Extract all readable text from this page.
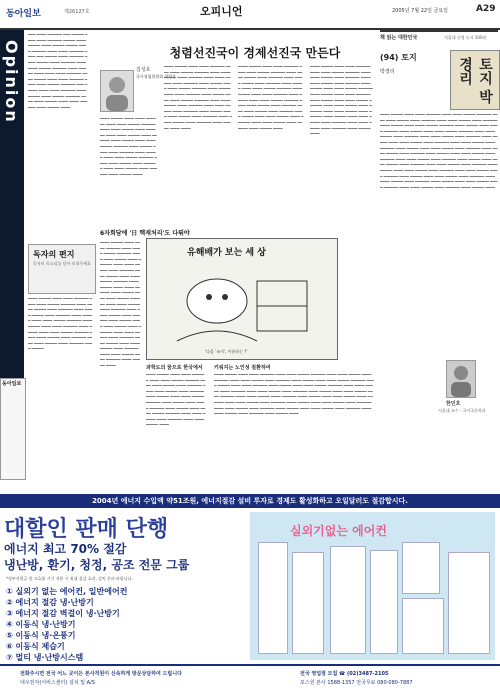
동아일보	제26127호	오피니언	2005년 7월 22일 금요일	A29
Opinion
━━━ ━━━━ ━━━━━━ ━━━ ━━━━━ ━━━━ ━━━━ ━━━━━━ ━━━━━ ━━━━ ━━━━━ ━━━━ ━━━━━ ━━━━━ ━━━━ ━━━━━━ ━━━━ ━━━━ ━━━━━━ ━━━━ ━━━ ━━━━━ ━━━━ ━━━━━━ ━━━━ ━━━━━ ━━━━ ━━━━━━ ━━━━ ━━━━ ━━━━━ ━━━━━━ ━━━━ ━━━━━ ━━━━ ━━━━ ━━━━ ━━━━━━ ━━━━ ━━━━━ ━━━━ ━━━━ ━━━━━━ ━━━━ ━━━━ ━━━━━ ━━━━━━ ━━━ ━━━━━ ━━━━ ━━━━ ━━━━━━ ━━━━ ━━━━━ ━━━━ ━━━━━ ━━━━━━ ━━━━ ━━━━ ━━━━━ ━━━━ ━━━━ ━━━━━━ ━━━━ ━━━━━ ━━━━
청렴선진국이 경제선진국 만든다
김성호
국가청렴위원회 위원장
━━━━ ━━━━━ ━━━━ ━━━━ ━━━━━━ ━━━━ ━━━━ ━━━━━ ━━━━━━ ━━━━ ━━━━ ━━━━━ ━━━━ ━━━━━━ ━━━━ ━━━━ ━━━━━ ━━━━ ━━━━━━ ━━━━ ━━━━━ ━━━━ ━━━━ ━━━━━ ━━━━━━ ━━━━ ━━━━━ ━━━━ ━━━━ ━━━━━━ ━━━━ ━━━━━ ━━━━ ━━━━ ━━━━━ ━━━━━━ ━━━━ ━━━━ ━━━━━ ━━━━ ━━━━━━ ━━━━ ━━━━ ━━━━━ ━━━━ ━━━━━━ ━━━━ ━━━━━ ━━━━
━━━━ ━━━━━ ━━━━ ━━━━ ━━━━━━ ━━━━ ━━━━ ━━━━━ ━━━━━━ ━━━━ ━━━━ ━━━━━ ━━━━ ━━━━━━ ━━━━ ━━━━ ━━━━━ ━━━━ ━━━━━━ ━━━━ ━━━━━ ━━━━ ━━━━ ━━━━━ ━━━━━━ ━━━━ ━━━━━ ━━━━ ━━━━ ━━━━━━ ━━━━ ━━━━━ ━━━━ ━━━━ ━━━━━ ━━━━━━ ━━━━ ━━━━ ━━━━━ ━━━━ ━━━━━━ ━━━━ ━━━━ ━━━━━ ━━━━ ━━━━━━ ━━━━ ━━━━━ ━━━━ ━━━━ ━━━━━ ━━━━ ━━━━━━ ━━━━ ━━━━ ━━━━━ ━━━━ ━━━━━━ ━━━━ ━━━━━ ━━━━ ━━━━
━━━━ ━━━━━ ━━━━ ━━━━ ━━━━━━ ━━━━ ━━━━ ━━━━━ ━━━━━━ ━━━━ ━━━━ ━━━━━ ━━━━ ━━━━━━ ━━━━ ━━━━ ━━━━━ ━━━━ ━━━━━━ ━━━━ ━━━━━ ━━━━ ━━━━ ━━━━━ ━━━━━━ ━━━━ ━━━━━ ━━━━ ━━━━ ━━━━━━ ━━━━ ━━━━━ ━━━━ ━━━━ ━━━━━ ━━━━━━ ━━━━ ━━━━ ━━━━━ ━━━━ ━━━━━━ ━━━━ ━━━━ ━━━━━ ━━━━ ━━━━━━ ━━━━ ━━━━━ ━━━━ ━━━━ ━━━━━ ━━━━ ━━━━━━ ━━━━ ━━━━ ━━━━━ ━━━━ ━━━━━━ ━━━━ ━━━━━ ━━━━
━━━━ ━━━━━ ━━━━ ━━━━ ━━━━━━ ━━━━ ━━━━ ━━━━━ ━━━━━━ ━━━━ ━━━━ ━━━━━ ━━━━ ━━━━━━ ━━━━ ━━━━ ━━━━━ ━━━━ ━━━━━━ ━━━━ ━━━━━ ━━━━ ━━━━ ━━━━━ ━━━━━━ ━━━━ ━━━━━ ━━━━ ━━━━ ━━━━━━ ━━━━ ━━━━━ ━━━━ ━━━━ ━━━━━ ━━━━━━ ━━━━ ━━━━ ━━━━━ ━━━━ ━━━━━━ ━━━━ ━━━━ ━━━━━ ━━━━ ━━━━━━ ━━━━ ━━━━━ ━━━━ ━━━━ ━━━━━ ━━━━ ━━━━━━ ━━━━ ━━━━ ━━━━━ ━━━━ ━━━━━━ ━━━━ ━━━━━ ━━━━
6자회담에 '日 핵재처리'도 다뤄야
독자의 편지
독자의 목소리를 담아 보내주세요
━━━━ ━━━━━ ━━━━ ━━━━ ━━━━━━ ━━━━ ━━━━ ━━━━━ ━━━━━━ ━━━━ ━━━━ ━━━━━ ━━━━ ━━━━━━ ━━━━ ━━━━ ━━━━━ ━━━━ ━━━━━━ ━━━━ ━━━━━ ━━━━ ━━━━ ━━━━━ ━━━━━━ ━━━━ ━━━━━ ━━━━ ━━━━ ━━━━━━ ━━━━ ━━━━━ ━━━━ ━━━━ ━━━━━ ━━━━━━ ━━━━ ━━━━ ━━━━━ ━━━━ ━━━━━━ ━━━━ ━━━━ ━━━━━ ━━━━ ━━━━━━ ━━━━ ━━━━━
동아일보
━━━━ ━━━━━ ━━━━ ━━━━ ━━━━━━ ━━━━ ━━━━ ━━━━━ ━━━━━━ ━━━━ ━━━━ ━━━━━ ━━━━ ━━━━━━ ━━━━ ━━━━ ━━━━━ ━━━━ ━━━━━━ ━━━━ ━━━━━ ━━━━ ━━━━ ━━━━━ ━━━━━━ ━━━━ ━━━━━ ━━━━ ━━━━ ━━━━━━ ━━━━ ━━━━━ ━━━━ ━━━━ ━━━━━ ━━━━━━ ━━━━ ━━━━ ━━━━━ ━━━━ ━━━━━━ ━━━━ ━━━━ ━━━━━ ━━━━ ━━━━━━ ━━━━ ━━━━━ ━━━━ ━━━━ ━━━━━ ━━━━ ━━━━━━ ━━━━ ━━━━ ━━━━━ ━━━━ ━━━━━━ ━━━━ ━━━━━ ━━━━ ━━━━ ━━━━━ ━━━━ ━━━━━━ ━━━━ ━━━━ ━━━━━ ━━━━ ━━━━━━ ━━━━ ━━━━━ ━━━━
유해배가 보는 세 상
'다음 '조이', 이름하는 ?'
과학도의 꿈으로 한국에서
━━━━ ━━━━━ ━━━━ ━━━━ ━━━━━━ ━━━━ ━━━━ ━━━━━ ━━━━━━ ━━━━ ━━━━ ━━━━━ ━━━━ ━━━━━━ ━━━━ ━━━━ ━━━━━ ━━━━ ━━━━━━ ━━━━ ━━━━━ ━━━━ ━━━━ ━━━━━ ━━━━━━ ━━━━ ━━━━━ ━━━━ ━━━━ ━━━━━━ ━━━━ ━━━━━ ━━━━ ━━━━ ━━━━━ ━━━━━━ ━━━━ ━━━━ ━━━━━ ━━━━ ━━━━━━ ━━━━ ━━━━ ━━━━━ ━━━━
키워지는 노인성 질환하여
━━━━ ━━━━━ ━━━━ ━━━━ ━━━━━━ ━━━━ ━━━━ ━━━━━ ━━━━━━ ━━━━ ━━━━ ━━━━━ ━━━━ ━━━━━━ ━━━━ ━━━━ ━━━━━ ━━━━ ━━━━━━ ━━━━ ━━━━━ ━━━━ ━━━━ ━━━━━ ━━━━━━ ━━━━ ━━━━━ ━━━━ ━━━━ ━━━━━━ ━━━━ ━━━━━ ━━━━ ━━━━ ━━━━━ ━━━━━━ ━━━━ ━━━━ ━━━━━ ━━━━ ━━━━━━ ━━━━ ━━━━ ━━━━━ ━━━━ ━━━━━━ ━━━━ ━━━━━ ━━━━ ━━━━ ━━━━━ ━━━━ ━━━━━━ ━━━━ ━━━━ ━━━━━ ━━━━ ━━━━━━ ━━━━ ━━━━━ ━━━━ ━━━━ ━━━━━ ━━━━ ━━━━━━ ━━━━ ━━━━ ━━━━━ ━━━━ ━━━━━━ ━━━━ ━━━━━ ━━━━ ━━━━ ━━━━━ ━━━━ ━━━━━━ ━━━━ ━━━━ ━━━━━ ━━━━ ━━━━━━ ━━━━ ━━━━━ ━━━━ ━━━━ ━━━━━ ━━━━ ━━━━━━ ━━━━ ━━━━ ━━━━━ ━━━━ ━━━━━━ ━━━━ ━━━━━ ━━━━
책 읽는 대한민국	서울대 선정 도서 100권
(94) 토지
박경리	토지 박경리
━━━━ ━━━━━ ━━━━ ━━━━ ━━━━━━ ━━━━ ━━━━ ━━━━━ ━━━━━━ ━━━━ ━━━━ ━━━━━ ━━━━ ━━━━━━ ━━━━ ━━━━ ━━━━━ ━━━━ ━━━━━━ ━━━━ ━━━━━ ━━━━ ━━━━ ━━━━━ ━━━━━━ ━━━━ ━━━━━ ━━━━ ━━━━ ━━━━━━ ━━━━ ━━━━━ ━━━━ ━━━━ ━━━━━ ━━━━━━ ━━━━ ━━━━ ━━━━━ ━━━━ ━━━━━━ ━━━━ ━━━━ ━━━━━ ━━━━ ━━━━━━ ━━━━ ━━━━━ ━━━━ ━━━━ ━━━━━ ━━━━ ━━━━━━ ━━━━ ━━━━ ━━━━━ ━━━━ ━━━━━━ ━━━━ ━━━━━ ━━━━ ━━━━ ━━━━━ ━━━━ ━━━━━━ ━━━━ ━━━━ ━━━━━ ━━━━ ━━━━━━ ━━━━ ━━━━━ ━━━━ ━━━━ ━━━━━ ━━━━ ━━━━━━ ━━━━ ━━━━ ━━━━━ ━━━━ ━━━━━━ ━━━━ ━━━━━ ━━━━ ━━━━ ━━━━━ ━━━━ ━━━━━━ ━━━━ ━━━━ ━━━━━ ━━━━ ━━━━━━ ━━━━ ━━━━━ ━━━━ ━━━━ ━━━━━ ━━━━ ━━━━━━ ━━━━ ━━━━ ━━━━━ ━━━━ ━━━━━━ ━━━━ ━━━━━ ━━━━ ━━━━ ━━━━━ ━━━━ ━━━━━━ ━━━━ ━━━━ ━━━━━ ━━━━ ━━━━━━ ━━━━ ━━━━━ ━━━━ ━━━━ ━━━━━ ━━━━ ━━━━━━ ━━━━ ━━━━ ━━━━━ ━━━━ ━━━━━━ ━━━━ ━━━━━ ━━━━
한민호
서울대 교수 · 국어국문학과
2004년 에너지 수입액 약51조원, 에너지절감 설비 투자로 경제도 활성화하고 오일달러도 절감합시다.
대할인 판매 단행
에너지 최고 70% 절감
냉난방, 환기, 청정, 공조 전문 그룹
*정부지원금 및 고효율 기기 적용 시 최대 절감 효과, 설치 문의 바랍니다.
① 실외기 없는 에어컨, 일반에어컨
② 에너지 절감 냉·난방기
③ 에너지 절감 벽걸이 냉·난방기
④ 이동식 냉·난방기
⑤ 이동식 냉·온풍기
⑥ 이동식 제습기
⑦ 멀티 냉·난방시스템
실외기없는 에어컨
전화주시면 전국 어느 곳이든 본사직원이 신속하게 방문상담하여 드립니다
대우전자(서비스센터) 설치 및 A/S
전국 영업점 모집 ☎ (02)3487-2105
포스원 본사 1588-1357 전국무료 080-080-7887
